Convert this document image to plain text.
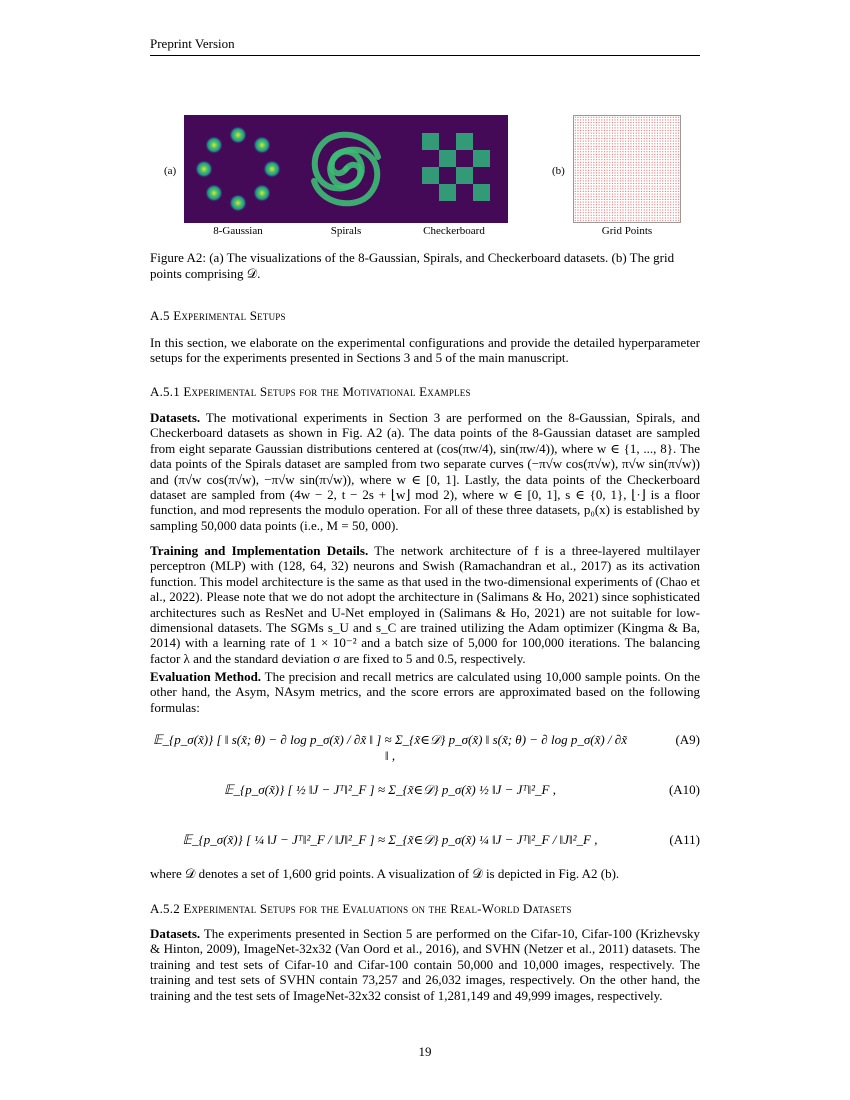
Preprint Version
(a)	(b)
8-Gaussian	Spirals	Checkerboard	Grid Points
Figure A2: (a) The visualizations of the 8-Gaussian, Spirals, and Checkerboard datasets. (b) The grid points comprising 𝒟.
A.5 Experimental Setups
In this section, we elaborate on the experimental configurations and provide the detailed hyperparameter setups for the experiments presented in Sections 3 and 5 of the main manuscript.
A.5.1 Experimental Setups for the Motivational Examples
Datasets. The motivational experiments in Section 3 are performed on the 8-Gaussian, Spirals, and Checkerboard datasets as shown in Fig. A2 (a). The data points of the 8-Gaussian dataset are sampled from eight separate Gaussian distributions centered at (cos(πw/4), sin(πw/4)), where w ∈ {1, ..., 8}. The data points of the Spirals dataset are sampled from two separate curves (−π√w cos(π√w), π√w sin(π√w)) and (π√w cos(π√w), −π√w sin(π√w)), where w ∈ [0, 1]. Lastly, the data points of the Checkerboard dataset are sampled from (4w − 2, t − 2s + ⌊w⌋ mod 2), where w ∈ [0, 1], s ∈ {0, 1}, ⌊·⌋ is a floor function, and mod represents the modulo operation. For all of these three datasets, p₀(x) is established by sampling 50,000 data points (i.e., M = 50, 000).
Training and Implementation Details. The network architecture of f is a three-layered multilayer perceptron (MLP) with (128, 64, 32) neurons and Swish (Ramachandran et al., 2017) as its activation function. This model architecture is the same as that used in the two-dimensional experiments of (Chao et al., 2022). Please note that we do not adopt the architecture in (Salimans & Ho, 2021) since sophisticated architectures such as ResNet and U-Net employed in (Salimans & Ho, 2021) are not suitable for low-dimensional datasets. The SGMs s_U and s_C are trained utilizing the Adam optimizer (Kingma & Ba, 2014) with a learning rate of 1 × 10⁻² and a batch size of 5,000 for 100,000 iterations. The balancing factor λ and the standard deviation σ are fixed to 5 and 0.5, respectively.
Evaluation Method. The precision and recall metrics are calculated using 10,000 sample points. On the other hand, the Asym, NAsym metrics, and the score errors are approximated based on the following formulas:
𝔼_{p_σ(x̃)} [ ‖ s(x̃; θ) − ∂ log p_σ(x̃) / ∂x̃ ‖ ] ≈ Σ_{x̃∈𝒟} p_σ(x̃) ‖ s(x̃; θ) − ∂ log p_σ(x̃) / ∂x̃ ‖ ,
(A9)
𝔼_{p_σ(x̃)} [ ½ ‖J − Jᵀ‖²_F ] ≈ Σ_{x̃∈𝒟} p_σ(x̃) ½ ‖J − Jᵀ‖²_F ,	(A10)
𝔼_{p_σ(x̃)} [ ¼ ‖J − Jᵀ‖²_F / ‖J‖²_F ] ≈ Σ_{x̃∈𝒟} p_σ(x̃) ¼ ‖J − Jᵀ‖²_F / ‖J‖²_F ,	(A11)
where 𝒟 denotes a set of 1,600 grid points. A visualization of 𝒟 is depicted in Fig. A2 (b).
A.5.2 Experimental Setups for the Evaluations on the Real-World Datasets
Datasets. The experiments presented in Section 5 are performed on the Cifar-10, Cifar-100 (Krizhevsky & Hinton, 2009), ImageNet-32x32 (Van Oord et al., 2016), and SVHN (Netzer et al., 2011) datasets. The training and test sets of Cifar-10 and Cifar-100 contain 50,000 and 10,000 images, respectively. The training and test sets of SVHN contain 73,257 and 26,032 images, respectively. On the other hand, the training and the test sets of ImageNet-32x32 consist of 1,281,149 and 49,999 images, respectively.
19
